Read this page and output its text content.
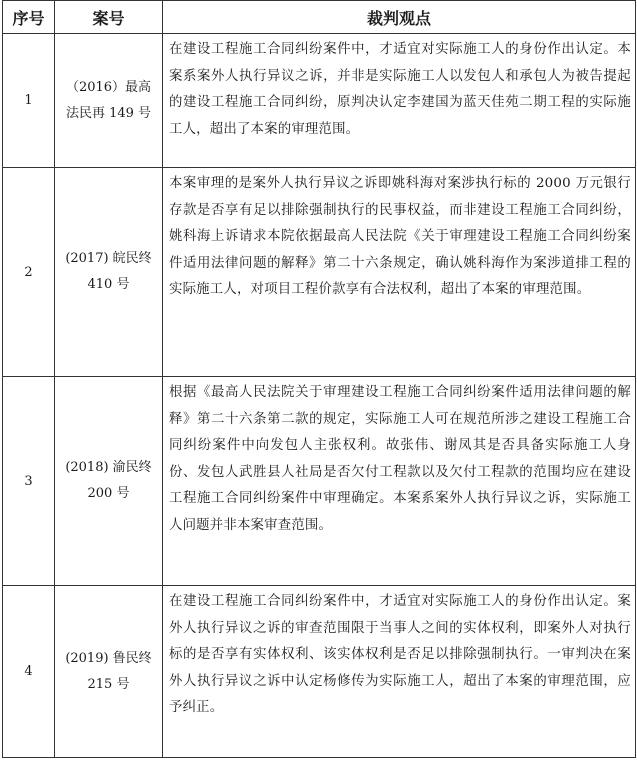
序号	案号	裁判观点
1	（2016）最高法民再 149 号	在建设工程施工合同纠纷案件中，才适宜对实际施工人的身份作出认定。本案系案外人执行异议之诉，并非是实际施工人以发包人和承包人为被告提起的建设工程施工合同纠纷，原判决认定李建国为蓝天佳苑二期工程的实际施工人，超出了本案的审理范围。
2	(2017) 皖民终 410 号	本案审理的是案外人执行异议之诉即姚科海对案涉执行标的 2000 万元银行存款是否享有足以排除强制执行的民事权益，而非建设工程施工合同纠纷，姚科海上诉请求本院依据最高人民法院《关于审理建设工程施工合同纠纷案件适用法律问题的解释》第二十六条规定，确认姚科海作为案涉道排工程的实际施工人，对项目工程价款享有合法权利，超出了本案的审理范围。
3	(2018) 渝民终 200 号	根据《最高人民法院关于审理建设工程施工合同纠纷案件适用法律问题的解释》第二十六条第二款的规定，实际施工人可在规范所涉之建设工程施工合同纠纷案件中向发包人主张权利。故张伟、谢凤其是否具备实际施工人身份、发包人武胜县人社局是否欠付工程款以及欠付工程款的范围均应在建设工程施工合同纠纷案件中审理确定。本案系案外人执行异议之诉，实际施工人问题并非本案审查范围。
4	(2019) 鲁民终 215 号	在建设工程施工合同纠纷案件中，才适宜对实际施工人的身份作出认定。案外人执行异议之诉的审查范围限于当事人之间的实体权利，即案外人对执行标的是否享有实体权利、该实体权利是否足以排除强制执行。一审判决在案外人执行异议之诉中认定杨修传为实际施工人，超出了本案的审理范围，应予纠正。
